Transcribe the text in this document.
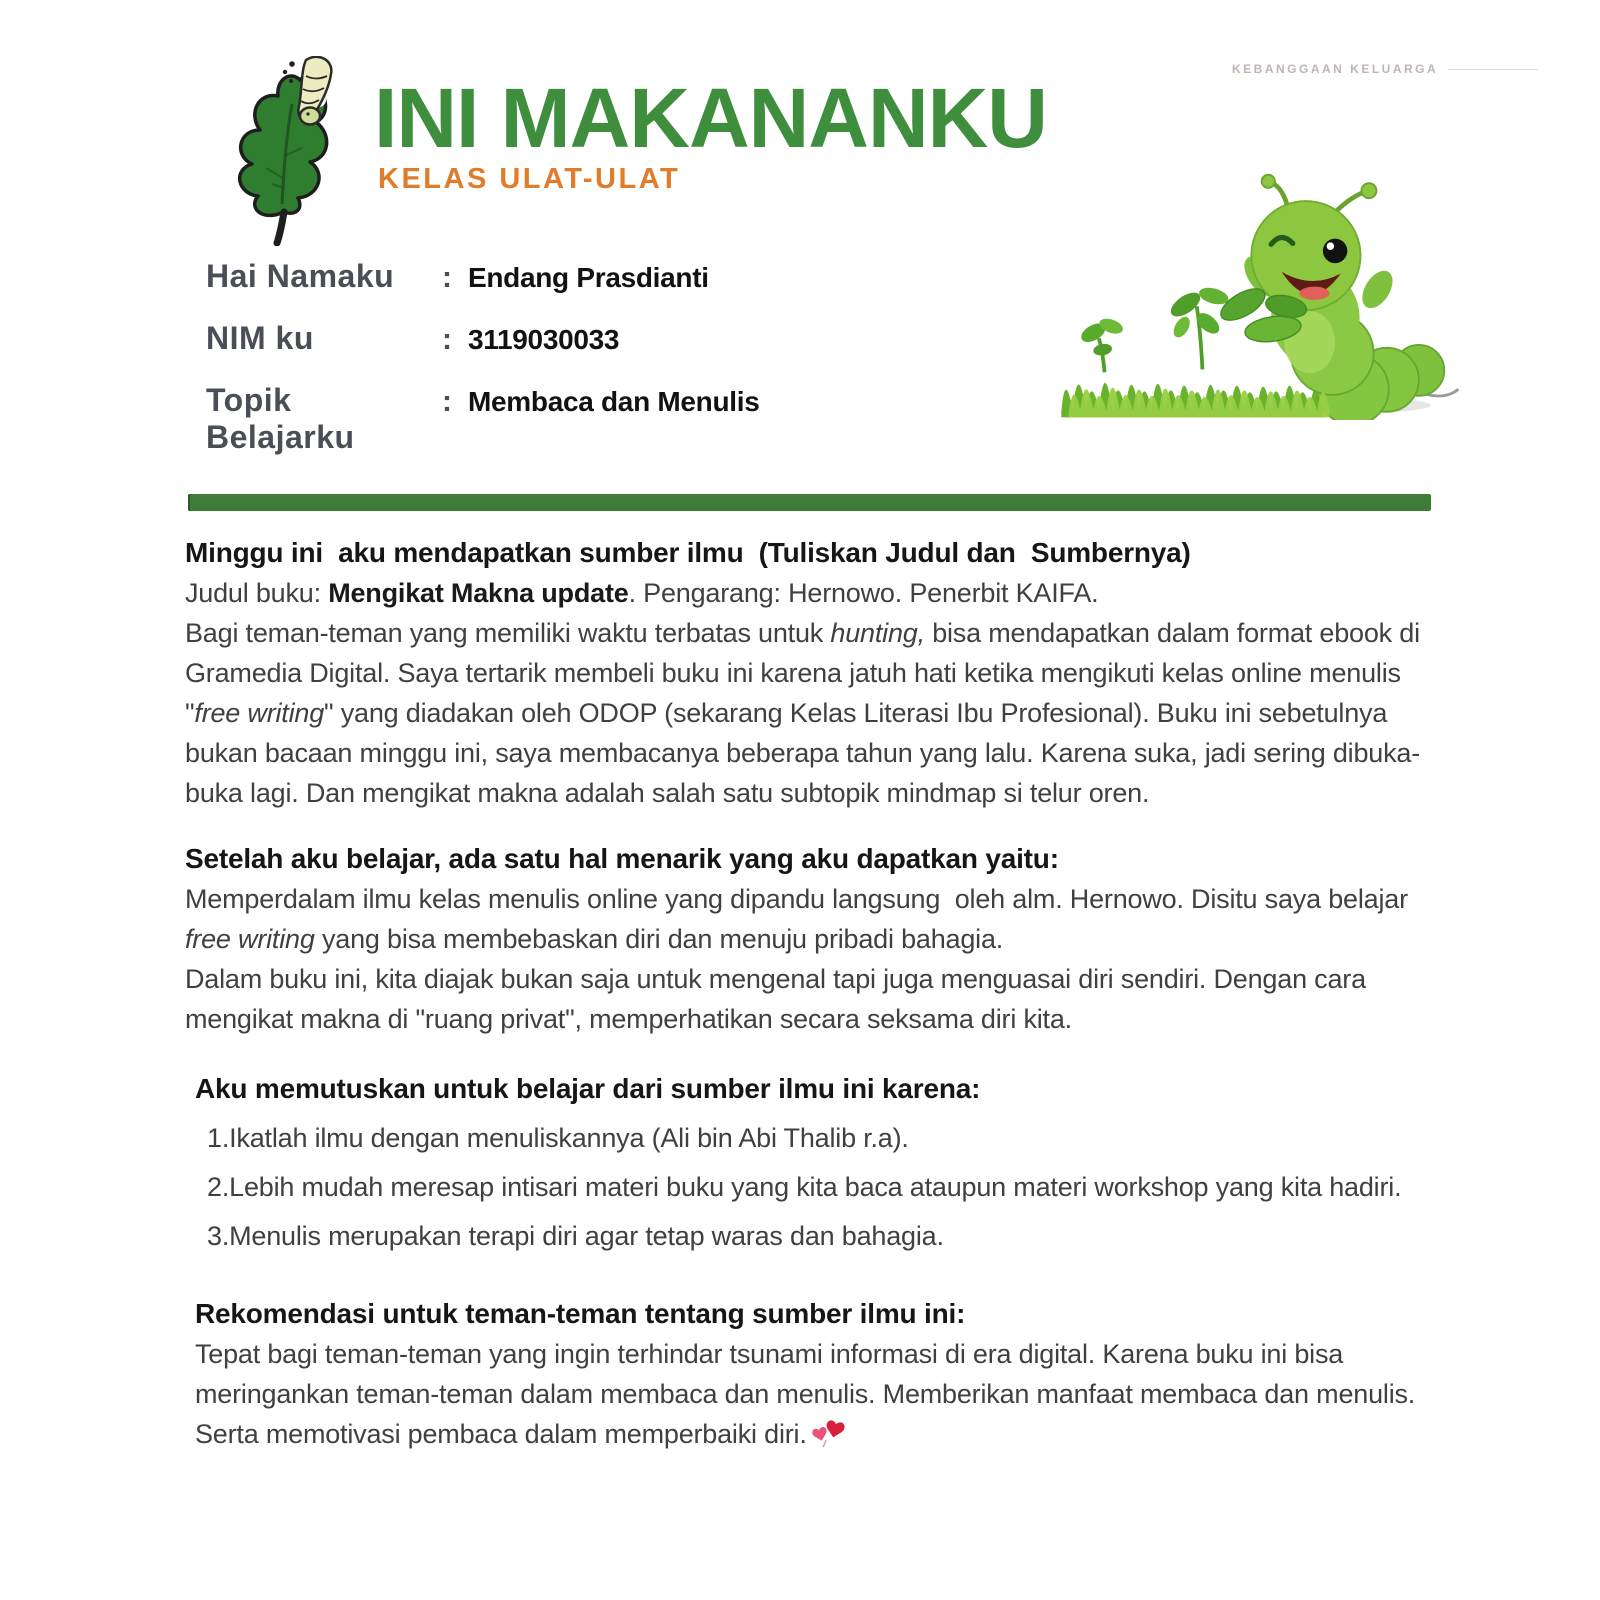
INI MAKANANKU
KELAS ULAT-ULAT
KEBANGGAAN KELUARGA
Hai Namaku	: Endang Prasdianti
NIM ku	: 3119030033
Topik Belajarku
: Membaca dan Menulis
Minggu ini  aku mendapatkan sumber ilmu  (Tuliskan Judul dan  Sumbernya)
Judul buku: Mengikat Makna update. Pengarang: Hernowo. Penerbit KAIFA.
Bagi teman-teman yang memiliki waktu terbatas untuk hunting, bisa mendapatkan dalam format ebook di Gramedia Digital. Saya tertarik membeli buku ini karena jatuh hati ketika mengikuti kelas online menulis "free writing" yang diadakan oleh ODOP (sekarang Kelas Literasi Ibu Profesional). Buku ini sebetulnya bukan bacaan minggu ini, saya membacanya beberapa tahun yang lalu. Karena suka, jadi sering dibuka-buka lagi. Dan mengikat makna adalah salah satu subtopik mindmap si telur oren.
Setelah aku belajar, ada satu hal menarik yang aku dapatkan yaitu:
Memperdalam ilmu kelas menulis online yang dipandu langsung  oleh alm. Hernowo. Disitu saya belajar free writing yang bisa membebaskan diri dan menuju pribadi bahagia.
Dalam buku ini, kita diajak bukan saja untuk mengenal tapi juga menguasai diri sendiri. Dengan cara mengikat makna di "ruang privat", memperhatikan secara seksama diri kita.
Aku memutuskan untuk belajar dari sumber ilmu ini karena:
1. Ikatlah ilmu dengan menuliskannya (Ali bin Abi Thalib r.a).
2. Lebih mudah meresap intisari materi buku yang kita baca ataupun materi workshop yang kita hadiri.
3. Menulis merupakan terapi diri agar tetap waras dan bahagia.
Rekomendasi untuk teman-teman tentang sumber ilmu ini:
Tepat bagi teman-teman yang ingin terhindar tsunami informasi di era digital. Karena buku ini bisa meringankan teman-teman dalam membaca dan menulis. Memberikan manfaat membaca dan menulis. Serta memotivasi pembaca dalam memperbaiki diri.
